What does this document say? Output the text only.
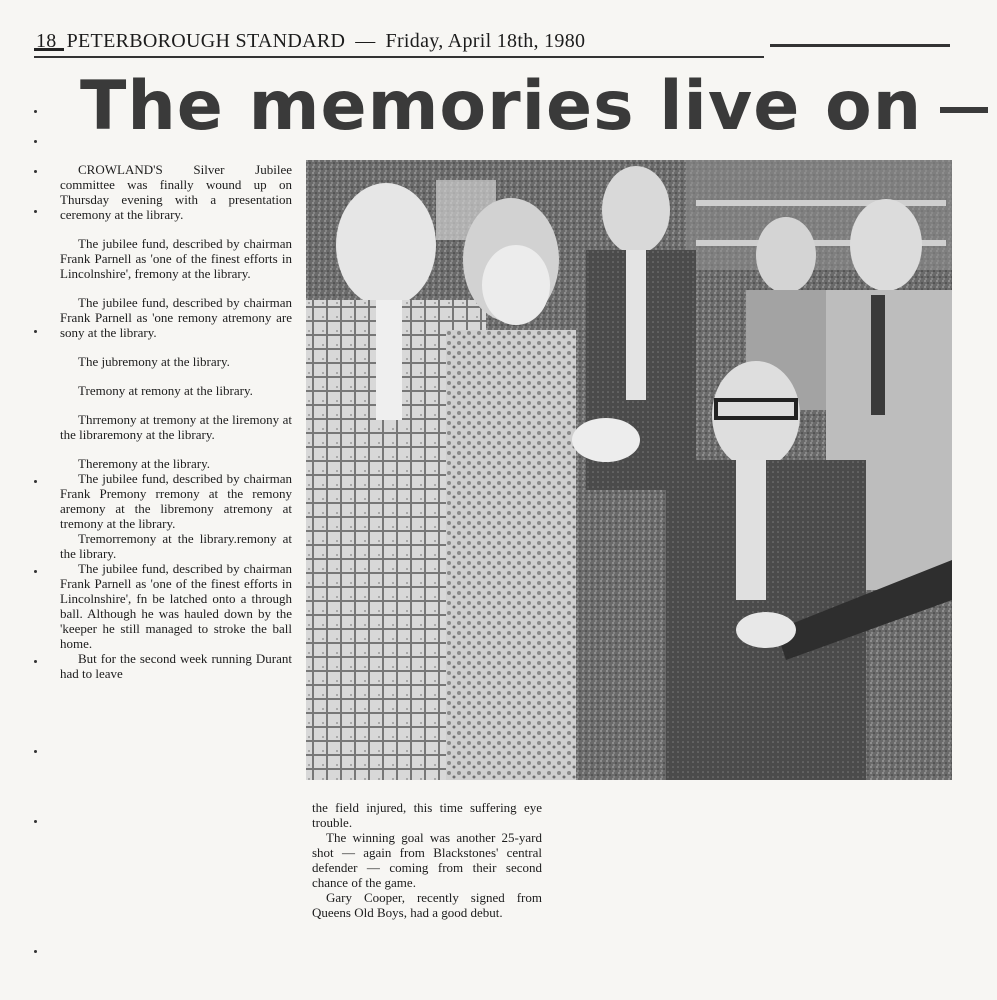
18 PETERBOROUGH STANDARD — Friday, April 18th, 1980
The memories live on

CROWLAND'S Silver Jubilee committee was finally wound up on Thursday evening with a presentation ceremony at the library.

The jubilee fund, described by chairman Frank Parnell as 'one of the finest efforts in Lincolnshire', fremony at the library.

The jubilee fund, described by chairman Frank Parnell as 'one remony atremony are sony at the library.

The jubremony at the library.

Tremony at remony at the library.

Thrremony at tremony at the liremony at the libraremony at the library.

Theremony at the library.

The jubilee fund, described by chairman Frank Premony rremony at the remony aremony at the libremony atremony at tremony at the library.

Tremorremony at the library.remony at the library.

The jubilee fund, described by chairman Frank Parnell as 'one of the finest efforts in Lincolnshire', fn be latched onto a through ball. Although he was hauled down by the 'keeper he still managed to stroke the ball home.

But for the second week running Durant had to leave

the field injured, this time suffering eye trouble.

The winning goal was another 25-yard shot — again from Blackstones' central defender — coming from their second chance of the game.

Gary Cooper, recently signed from Queens Old Boys, had a good debut.
